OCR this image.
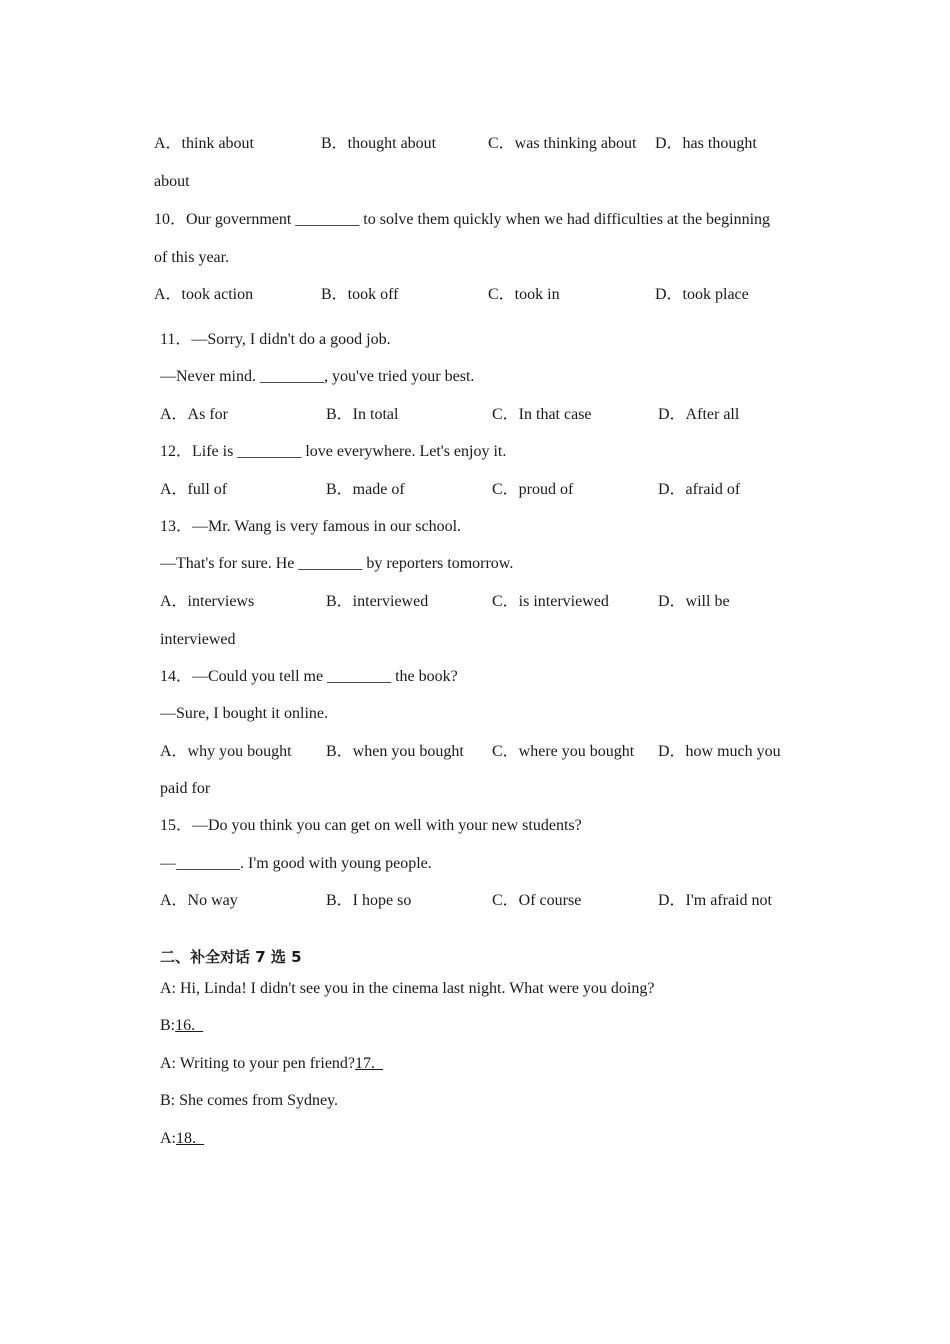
A．think about	B．thought about	C．was thinking about D．has thought
about
10．Our government ________ to solve them quickly when we had difficulties at the beginning
of this year.
A．took action	B．took off	C．took in	D．took place
11．—Sorry, I didn't do a good job.
—Never mind. ________, you've tried your best.
A．As for	B．In total	C．In that case	D．After all
12．Life is ________ love everywhere. Let's enjoy it.
A．full of	B．made of	C．proud of	D．afraid of
13．—Mr. Wang is very famous in our school.
—That's for sure. He ________ by reporters tomorrow.
A．interviews	B．interviewed	C．is interviewed	D．will be
interviewed
14．—Could you tell me ________ the book?
—Sure, I bought it online.
A．why you bought B．when you bought C．where you bought D．how much you
paid for
15．—Do you think you can get on well with your new students?
—________. I'm good with young people.
A．No way	B．I hope so	C．Of course	D．I'm afraid not
二、补全对话 7 选 5
A: Hi, Linda! I didn't see you in the cinema last night. What were you doing?
B:16.
A: Writing to your pen friend?17.
B: She comes from Sydney.
A:18.
